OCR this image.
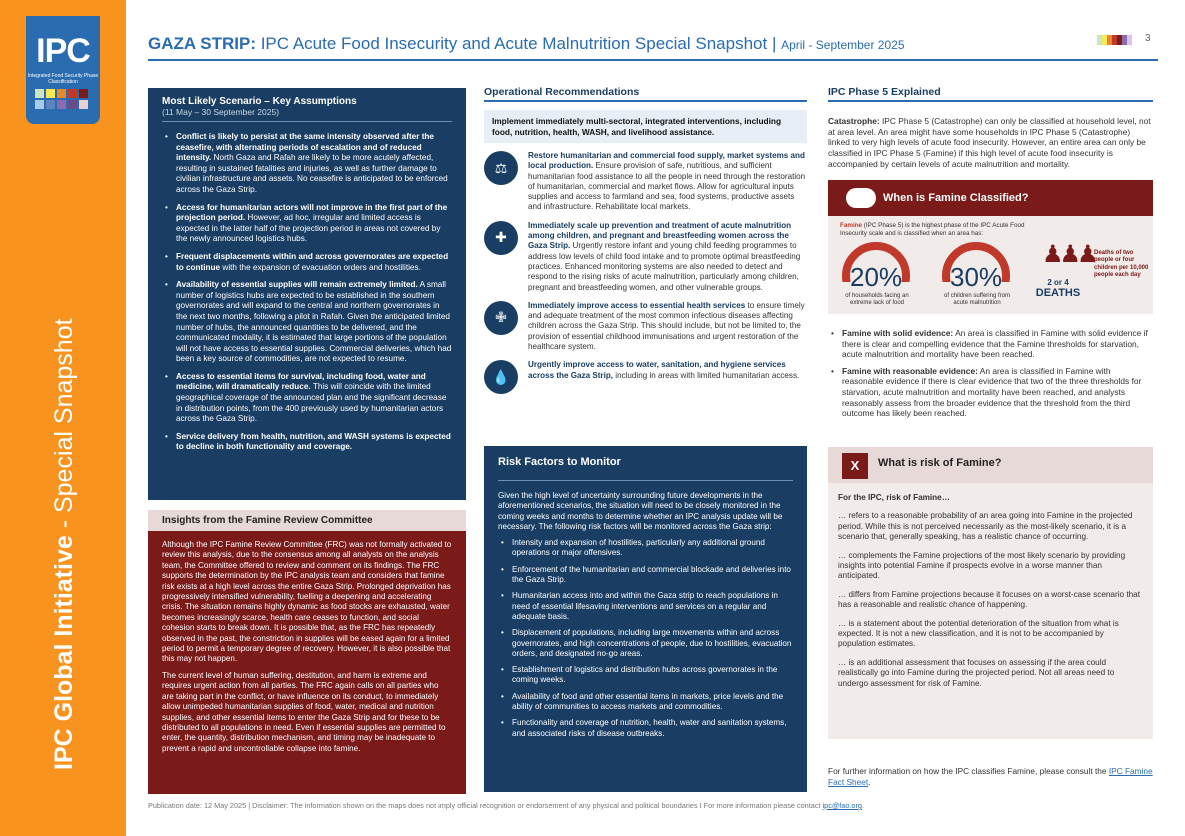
IPC
Integrated Food Security Phase Classification
IPC Global Initiative - Special Snapshot
GAZA STRIP: IPC Acute Food Insecurity and Acute Malnutrition Special Snapshot | April - September 2025	3
Most Likely Scenario – Key Assumptions
(11 May – 30 September 2025)
• Conflict is likely to persist at the same intensity observed after the ceasefire, with alternating periods of escalation and of reduced intensity. North Gaza and Rafah are likely to be more acutely affected, resulting in sustained fatalities and injuries, as well as further damage to civilian infrastructure and assets. No ceasefire is anticipated to be enforced across the Gaza Strip.
• Access for humanitarian actors will not improve in the first part of the projection period. However, ad hoc, irregular and limited access is expected in the latter half of the projection period in areas not covered by the newly announced logistics hubs.
• Frequent displacements within and across governorates are expected to continue with the expansion of evacuation orders and hostilities.
• Availability of essential supplies will remain extremely limited. A small number of logistics hubs are expected to be established in the southern governorates and will expand to the central and northern governorates in the next two months, following a pilot in Rafah. Given the anticipated limited number of hubs, the announced quantities to be delivered, and the communicated modality, it is estimated that large portions of the population will not have access to essential supplies. Commercial deliveries, which had been a key source of commodities, are not expected to resume.
• Access to essential items for survival, including food, water and medicine, will dramatically reduce. This will coincide with the limited geographical coverage of the announced plan and the significant decrease in distribution points, from the 400 previously used by humanitarian actors across the Gaza Strip.
• Service delivery from health, nutrition, and WASH systems is expected to decline in both functionality and coverage.
Insights from the Famine Review Committee

Although the IPC Famine Review Committee (FRC) was not formally activated to review this analysis, due to the consensus among all analysts on the analysis team, the Committee offered to review and comment on its findings. The FRC supports the determination by the IPC analysis team and considers that famine risk exists at a high level across the entire Gaza Strip. Prolonged deprivation has progressively intensified vulnerability, fuelling a deepening and accelerating crisis. The situation remains highly dynamic as food stocks are exhausted, water becomes increasingly scarce, health care ceases to function, and social cohesion starts to break down. It is possible that, as the FRC has repeatedly observed in the past, the constriction in supplies will be eased again for a limited period to permit a temporary degree of recovery. However, it is also possible that this may not happen.

The current level of human suffering, destitution, and harm is extreme and requires urgent action from all parties. The FRC again calls on all parties who are taking part in the conflict, or have influence on its conduct, to immediately allow unimpeded humanitarian supplies of food, water, medical and nutrition supplies, and other essential items to enter the Gaza Strip and for these to be distributed to all populations in need. Even if essential supplies are permitted to enter, the quantity, distribution mechanism, and timing may be inadequate to prevent a rapid and uncontrollable collapse into famine.

Operational Recommendations
Implement immediately multi-sectoral, integrated interventions, including food, nutrition, health, WASH, and livelihood assistance.
⚖
Restore humanitarian and commercial food supply, market systems and local production. Ensure provision of safe, nutritious, and sufficient humanitarian food assistance to all the people in need through the restoration of humanitarian, commercial and market flows. Allow for agricultural inputs supplies and access to farmland and sea, food systems, productive assets and infrastructure. Rehabilitate local markets.
✚
Immediately scale up prevention and treatment of acute malnutrition among children, and pregnant and breastfeeding women across the Gaza Strip. Urgently restore infant and young child feeding programmes to address low levels of child food intake and to promote optimal breastfeeding practices. Enhanced monitoring systems are also needed to detect and respond to the rising risks of acute malnutrition, particularly among children, pregnant and breastfeeding women, and other vulnerable groups.
✙
Immediately improve access to essential health services to ensure timely and adequate treatment of the most common infectious diseases affecting children across the Gaza Strip. This should include, but not be limited to, the provision of essential childhood immunisations and urgent restoration of the healthcare system.
💧
Urgently improve access to water, sanitation, and hygiene services across the Gaza Strip, including in areas with limited humanitarian access.
Risk Factors to Monitor

Given the high level of uncertainty surrounding future developments in the aforementioned scenarios, the situation will need to be closely monitored in the coming weeks and months to determine whether an IPC analysis update will be necessary. The following risk factors will be monitored across the Gaza strip:

• Intensity and expansion of hostilities, particularly any additional ground operations or major offensives.
• Enforcement of the humanitarian and commercial blockade and deliveries into the Gaza Strip.
• Humanitarian access into and within the Gaza strip to reach populations in need of essential lifesaving interventions and services on a regular and adequate basis.
• Displacement of populations, including large movements within and across governorates, and high concentrations of people, due to hostilities, evacuation orders, and designated no-go areas.
• Establishment of logistics and distribution hubs across governorates in the coming weeks.
• Availability of food and other essential items in markets, price levels and the ability of communities to access markets and commodities.
• Functionality and coverage of nutrition, health, water and sanitation systems, and associated risks of disease outbreaks.
IPC Phase 5 Explained

Catastrophe: IPC Phase 5 (Catastrophe) can only be classified at household level, not at area level. An area might have some households in IPC Phase 5 (Catastrophe) linked to very high levels of acute food insecurity. However, an entire area can only be classified in IPC Phase 5 (Famine) if this high level of acute food insecurity is accompanied by certain levels of acute malnutrition and mortality.

When is Famine Classified?
Famine (IPC Phase 5) is the highest phase of the IPC Acute Food Insecurity scale and is classified when an area has:
20%
of households facing an
extreme lack of food
30%
of children suffering from
acute malnutrition
♟♟♟
2 or 4
DEATHS
Deaths of two people or four children per 10,000 people each day
• Famine with solid evidence: An area is classified in Famine with solid evidence if there is clear and compelling evidence that the Famine thresholds for starvation, acute malnutrition and mortality have been reached.
• Famine with reasonable evidence: An area is classified in Famine with reasonable evidence if there is clear evidence that two of the three thresholds for starvation, acute malnutrition and mortality have been reached, and analysts reasonably assess from the broader evidence that the threshold from the third outcome has likely been reached.
X	What is risk of Famine?

For the IPC, risk of Famine…

… refers to a reasonable probability of an area going into Famine in the projected period. While this is not perceived necessarily as the most-likely scenario, it is a scenario that, generally speaking, has a realistic chance of occurring.

… complements the Famine projections of the most likely scenario by providing insights into potential Famine if prospects evolve in a worse manner than anticipated.

… differs from Famine projections because it focuses on a worst-case scenario that has a reasonable and realistic chance of happening.

… is a statement about the potential deterioration of the situation from what is expected. It is not a new classification, and it is not to be accompanied by population estimates.

… is an additional assessment that focuses on assessing if the area could realistically go into Famine during the projected period. Not all areas need to undergo assessment for risk of Famine.

For further information on how the IPC classifies Famine, please consult the IPC Famine Fact Sheet.
Publication date: 12 May 2025 | Disclaimer: The information shown on the maps does not imply official recognition or endorsement of any physical and political boundaries I For more information please contact ipc@fao.org.
